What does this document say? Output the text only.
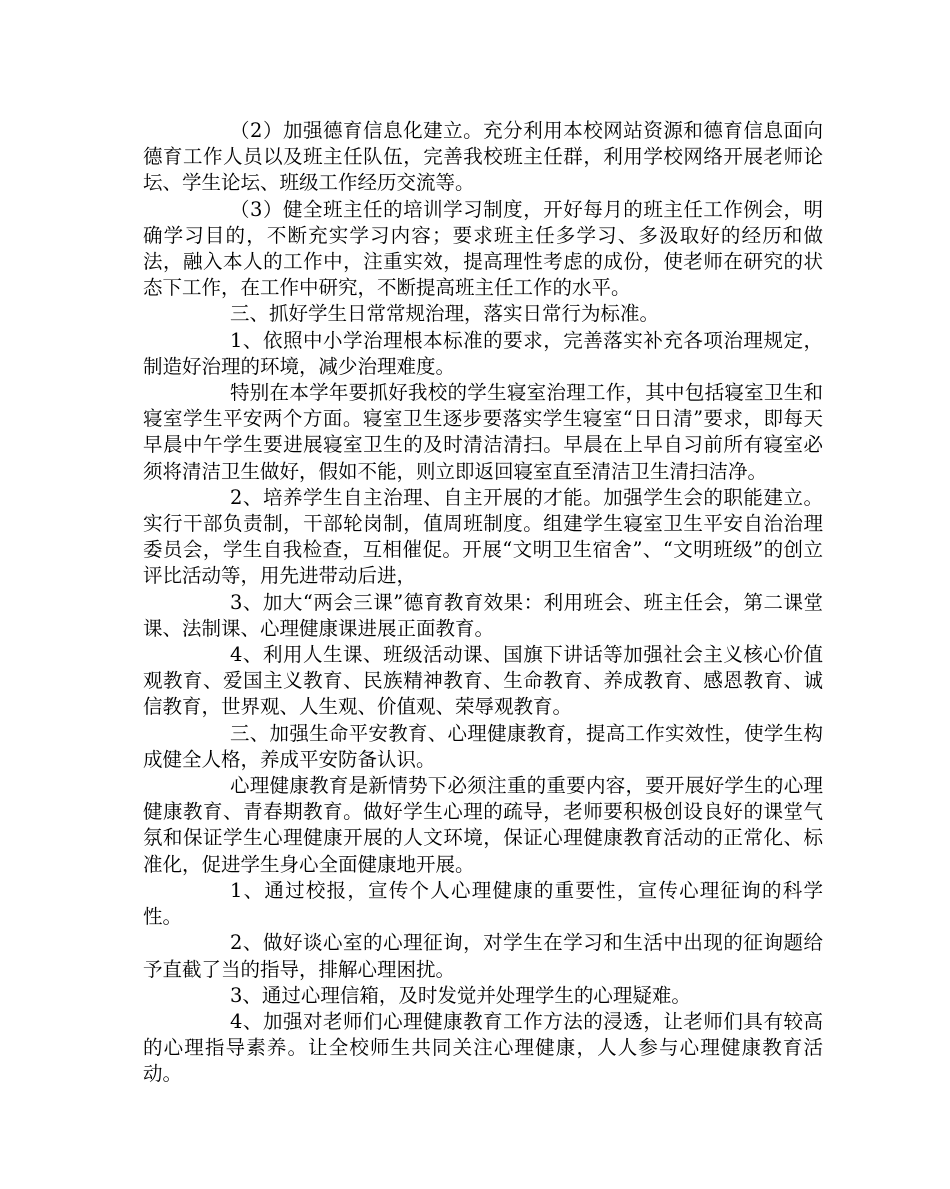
（2）加强德育信息化建立。充分利用本校网站资源和德育信息面向德育工作人员以及班主任队伍，完善我校班主任群，利用学校网络开展老师论坛、学生论坛、班级工作经历交流等。

（3）健全班主任的培训学习制度，开好每月的班主任工作例会，明确学习目的，不断充实学习内容；要求班主任多学习、多汲取好的经历和做法，融入本人的工作中，注重实效，提高理性考虑的成份，使老师在研究的状态下工作，在工作中研究，不断提高班主任工作的水平。

三、抓好学生日常常规治理，落实日常行为标准。

1、依照中小学治理根本标准的要求，完善落实补充各项治理规定，制造好治理的环境，减少治理难度。

特别在本学年要抓好我校的学生寝室治理工作，其中包括寝室卫生和寝室学生平安两个方面。寝室卫生逐步要落实学生寝室“日日清”要求，即每天早晨中午学生要进展寝室卫生的及时清洁清扫。早晨在上早自习前所有寝室必须将清洁卫生做好，假如不能，则立即返回寝室直至清洁卫生清扫洁净。

2、培养学生自主治理、自主开展的才能。加强学生会的职能建立。实行干部负责制，干部轮岗制，值周班制度。组建学生寝室卫生平安自治治理委员会，学生自我检查，互相催促。开展“文明卫生宿舍”、“文明班级”的创立评比活动等，用先进带动后进，

3、加大“两会三课”德育教育效果：利用班会、班主任会，第二课堂课、法制课、心理健康课进展正面教育。

4、利用人生课、班级活动课、国旗下讲话等加强社会主义核心价值观教育、爱国主义教育、民族精神教育、生命教育、养成教育、感恩教育、诚信教育，世界观、人生观、价值观、荣辱观教育。

三、加强生命平安教育、心理健康教育，提高工作实效性，使学生构成健全人格，养成平安防备认识。

心理健康教育是新情势下必须注重的重要内容，要开展好学生的心理健康教育、青春期教育。做好学生心理的疏导，老师要积极创设良好的课堂气氛和保证学生心理健康开展的人文环境，保证心理健康教育活动的正常化、标准化，促进学生身心全面健康地开展。

1、通过校报，宣传个人心理健康的重要性，宣传心理征询的科学性。

2、做好谈心室的心理征询，对学生在学习和生活中出现的征询题给予直截了当的指导，排解心理困扰。

3、通过心理信箱，及时发觉并处理学生的心理疑难。

4、加强对老师们心理健康教育工作方法的浸透，让老师们具有较高的心理指导素养。让全校师生共同关注心理健康，人人参与心理健康教育活动。
